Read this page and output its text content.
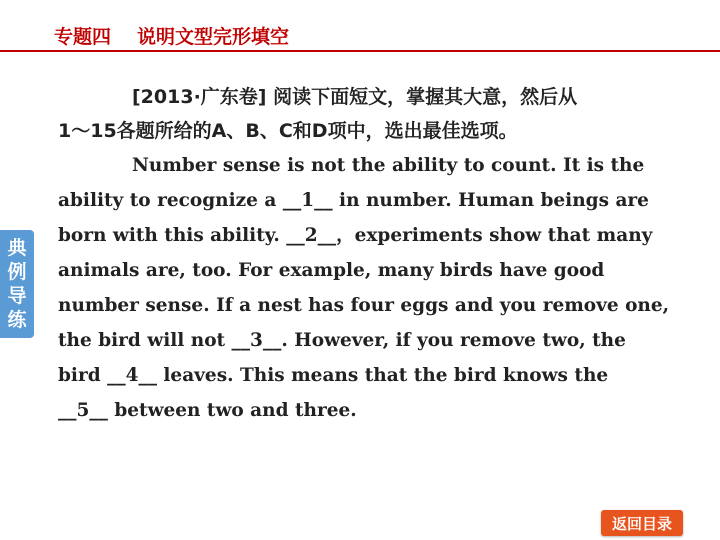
专题四 说明文型完形填空
典
例
导
练
[2013·广东卷] 阅读下面短文，掌握其大意，然后从
1～15各题所给的A、B、C和D项中，选出最佳选项。
Number sense is not the ability to count. It is the
ability to recognize a __1__ in number. Human beings are
born with this ability. __2__，experiments show that many
animals are, too. For example, many birds have good
number sense. If a nest has four eggs and you remove one,
the bird will not __3__. However, if you remove two, the
bird __4__ leaves. This means that the bird knows the
__5__ between two and three.
返回目录
